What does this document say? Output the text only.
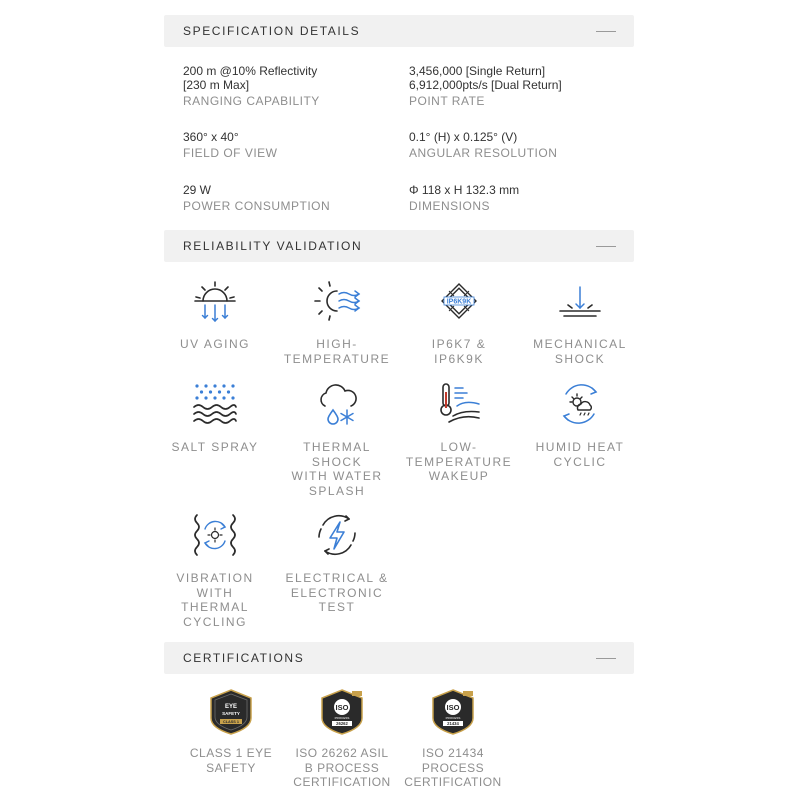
SPECIFICATION DETAILS
200 m @10% Reflectivity
[230 m Max]
RANGING CAPABILITY
3,456,000 [Single Return]
6,912,000pts/s [Dual Return]
POINT RATE
360° x 40°
FIELD OF VIEW
0.1° (H) x 0.125° (V)
ANGULAR RESOLUTION
29 W
POWER CONSUMPTION
Φ 118 x H 132.3 mm
DIMENSIONS
RELIABILITY VALIDATION
UV AGING	HIGH-
TEMPERATURE
IP6K9K
IP6K7 &
IP6K9K
MECHANICAL
SHOCK
SALT SPRAY	THERMAL
SHOCK
WITH WATER
SPLASH
LOW-
TEMPERATURE
WAKEUP
HUMID HEAT
CYCLIC
VIBRATION
WITH
THERMAL
CYCLING
ELECTRICAL &
ELECTRONIC
TEST
CERTIFICATIONS
EYE
SAFETY
CLASS 1
CLASS 1 EYE
SAFETY
ISO
PROCESS
26262
ISO 26262 ASIL
B PROCESS
CERTIFICATION
ISO
PROCESS
21434
ISO 21434
PROCESS
CERTIFICATION
